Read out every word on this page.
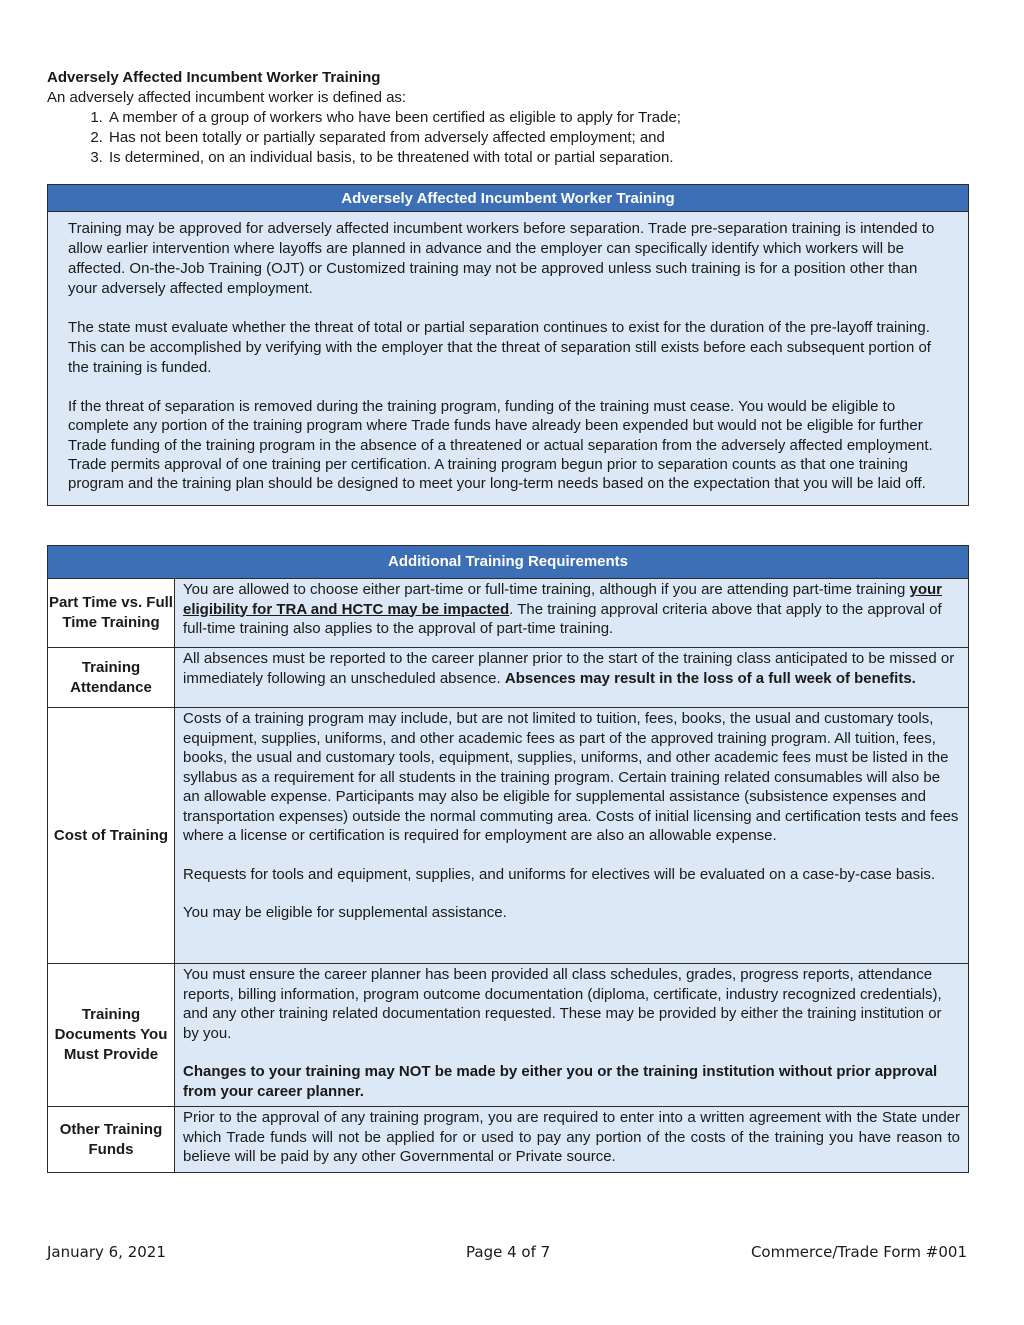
Adversely Affected Incumbent Worker Training
An adversely affected incumbent worker is defined as:
1. A member of a group of workers who have been certified as eligible to apply for Trade;
2. Has not been totally or partially separated from adversely affected employment; and
3. Is determined, on an individual basis, to be threatened with total or partial separation.
Adversely Affected Incumbent Worker Training

Training may be approved for adversely affected incumbent workers before separation. Trade pre-separation training is intended to allow earlier intervention where layoffs are planned in advance and the employer can specifically identify which workers will be affected. On-the-Job Training (OJT) or Customized training may not be approved unless such training is for a position other than your adversely affected employment.

The state must evaluate whether the threat of total or partial separation continues to exist for the duration of the pre-layoff training. This can be accomplished by verifying with the employer that the threat of separation still exists before each subsequent portion of the training is funded.

If the threat of separation is removed during the training program, funding of the training must cease. You would be eligible to complete any portion of the training program where Trade funds have already been expended but would not be eligible for further Trade funding of the training program in the absence of a threatened or actual separation from the adversely affected employment. Trade permits approval of one training per certification. A training program begun prior to separation counts as that one training program and the training plan should be designed to meet your long-term needs based on the expectation that you will be laid off.

Additional Training Requirements	
Part Time vs. Full Time Training	You are allowed to choose either part-time or full-time training, although if you are attending part-time training your eligibility for TRA and HCTC may be impacted. The training approval criteria above that apply to the approval of full-time training also applies to the approval of part-time training.
Training Attendance	All absences must be reported to the career planner prior to the start of the training class anticipated to be missed or immediately following an unscheduled absence. Absences may result in the loss of a full week of benefits.
Cost of Training	Costs of a training program may include, but are not limited to tuition, fees, books, the usual and customary tools, equipment, supplies, uniforms, and other academic fees as part of the approved training program. All tuition, fees, books, the usual and customary tools, equipment, supplies, uniforms, and other academic fees must be listed in the syllabus as a requirement for all students in the training program. Certain training related consumables will also be an allowable expense. Participants may also be eligible for supplemental assistance (subsistence expenses and transportation expenses) outside the normal commuting area. Costs of initial licensing and certification tests and fees where a license or certification is required for employment are also an allowable expense.

Requests for tools and equipment, supplies, and uniforms for electives will be evaluated on a case-by-case basis.

You may be eligible for supplemental assistance.

Training Documents You Must Provide	You must ensure the career planner has been provided all class schedules, grades, progress reports, attendance reports, billing information, program outcome documentation (diploma, certificate, industry recognized credentials), and any other training related documentation requested. These may be provided by either the training institution or by you.

Changes to your training may NOT be made by either you or the training institution without prior approval from your career planner.

Other Training Funds	Prior to the approval of any training program, you are required to enter into a written agreement with the State under which Trade funds will not be applied for or used to pay any portion of the costs of the training you have reason to believe will be paid by any other Governmental or Private source.
January 6, 2021	Page 4 of 7	Commerce/Trade Form #001
